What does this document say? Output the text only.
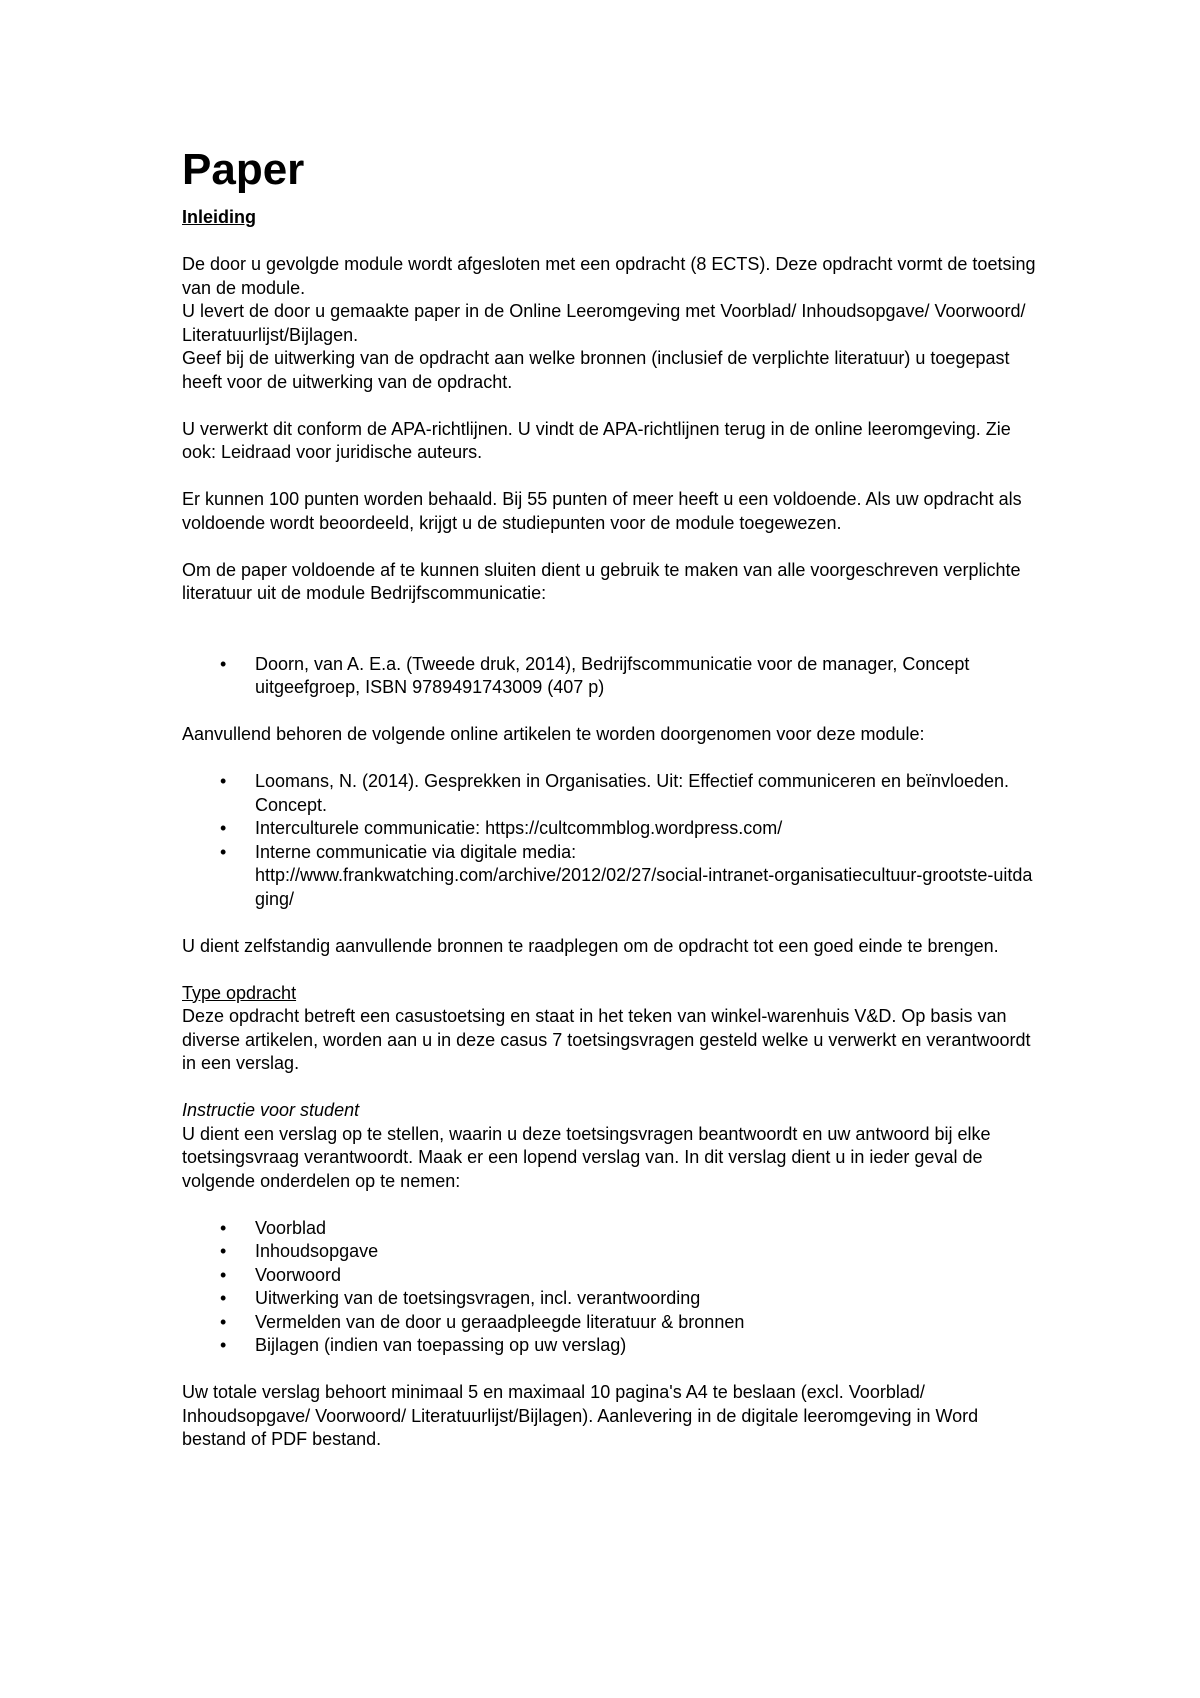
Paper

Inleiding

De door u gevolgde module wordt afgesloten met een opdracht (8 ECTS). Deze opdracht vormt de toetsing van de module.

U levert de door u gemaakte paper in de Online Leeromgeving met Voorblad/ Inhoudsopgave/ Voorwoord/ Literatuurlijst/Bijlagen.

Geef bij de uitwerking van de opdracht aan welke bronnen (inclusief de verplichte literatuur) u toegepast heeft voor de uitwerking van de opdracht.

U verwerkt dit conform de APA-richtlijnen. U vindt de APA-richtlijnen terug in de online leeromgeving. Zie ook: Leidraad voor juridische auteurs.

Er kunnen 100 punten worden behaald. Bij 55 punten of meer heeft u een voldoende. Als uw opdracht als voldoende wordt beoordeeld, krijgt u de studiepunten voor de module toegewezen.

Om de paper voldoende af te kunnen sluiten dient u gebruik te maken van alle voorgeschreven verplichte literatuur uit de module Bedrijfscommunicatie:

• Doorn, van A. E.a. (Tweede druk, 2014), Bedrijfscommunicatie voor de manager, Concept uitgeefgroep, ISBN 9789491743009 (407 p)

Aanvullend behoren de volgende online artikelen te worden doorgenomen voor deze module:

• Loomans, N. (2014). Gesprekken in Organisaties. Uit: Effectief communiceren en beïnvloeden. Concept.
• Interculturele communicatie: https://cultcommblog.wordpress.com/
• Interne communicatie via digitale media:
http://www.frankwatching.com/archive/2012/02/27/social-intranet-organisatiecultuur-grootste-uitdaging/

U dient zelfstandig aanvullende bronnen te raadplegen om de opdracht tot een goed einde te brengen.

Type opdracht

Deze opdracht betreft een casustoetsing en staat in het teken van winkel-warenhuis V&D. Op basis van diverse artikelen, worden aan u in deze casus 7 toetsingsvragen gesteld welke u verwerkt en verantwoordt in een verslag.

Instructie voor student

U dient een verslag op te stellen, waarin u deze toetsingsvragen beantwoordt en uw antwoord bij elke toetsingsvraag verantwoordt. Maak er een lopend verslag van. In dit verslag dient u in ieder geval de volgende onderdelen op te nemen:

• Voorblad
• Inhoudsopgave
• Voorwoord
• Uitwerking van de toetsingsvragen, incl. verantwoording
• Vermelden van de door u geraadpleegde literatuur & bronnen
• Bijlagen (indien van toepassing op uw verslag)

Uw totale verslag behoort minimaal 5 en maximaal 10 pagina's A4 te beslaan (excl. Voorblad/ Inhoudsopgave/ Voorwoord/ Literatuurlijst/Bijlagen). Aanlevering in de digitale leeromgeving in Word bestand of PDF bestand.
